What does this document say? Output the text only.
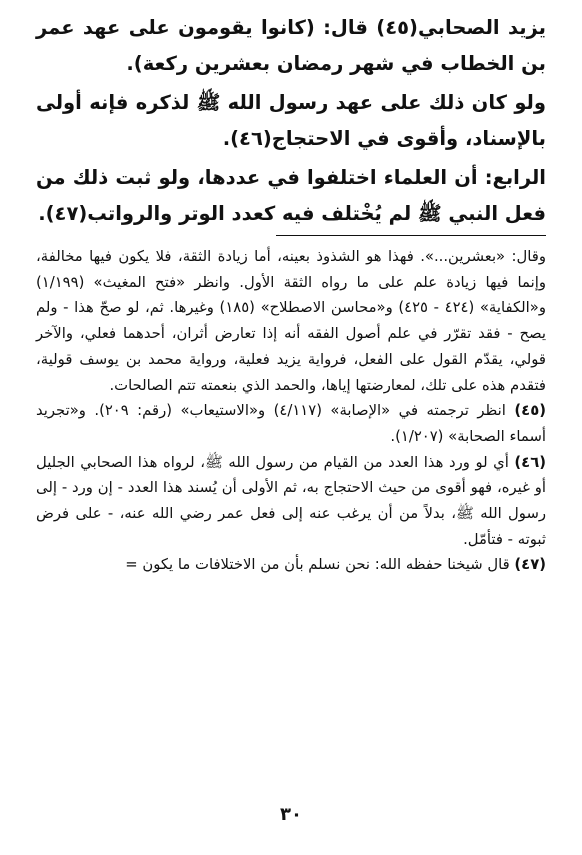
يزيد الصحابي(٤٥) قال: (كانوا يقومون على عهد عمر بن الخطاب في شهر رمضان بعشرين ركعة).

ولو كان ذلك على عهد رسول الله ﷺ لذكره فإنه أولى بالإسناد، وأقوى في الاحتجاج(٤٦).

الرابع: أن العلماء اختلفوا في عددها، ولو ثبت ذلك من فعل النبي ﷺ لم يُخْتلف فيه كعدد الوتر والرواتب(٤٧).

وقال: «بعشرين...». فهذا هو الشذوذ بعينه، أما زيادة الثقة، فلا يكون فيها مخالفة، وإنما فيها زيادة علم على ما رواه الثقة الأول. وانظر «فتح المغيث» (١/١٩٩) و«الكفاية» (٤٢٤ - ٤٢٥) و«محاسن الاصطلاح» (١٨٥) وغيرها. ثم، لو صحّ هذا - ولم يصح - فقد تقرّر في علم أصول الفقه أنه إذا تعارض أثران، أحدهما فعلي، والآخر قولي، يقدّم القول على الفعل، فرواية يزيد فعلية، ورواية محمد بن يوسف قولية، فتقدم هذه على تلك، لمعارضتها إياها، والحمد الذي بنعمته تتم الصالحات.

(٤٥) انظر ترجمته في «الإصابة» (٤/١١٧) و«الاستيعاب» (رقم: ٢٠٩). و«تجريد أسماء الصحابة» (١/٢٠٧).

(٤٦) أي لو ورد هذا العدد من القيام من رسول الله ﷺ، لرواه هذا الصحابي الجليل أو غيره، فهو أقوى من حيث الاحتجاج به، ثم الأولى أن يُسند هذا العدد - إن ورد - إلى رسول الله ﷺ، بدلاً من أن يرغب عنه إلى فعل عمر رضي الله عنه، - على فرض ثبوته - فتأمّل.

(٤٧) قال شيخنا حفظه الله: نحن نسلم بأن من الاختلافات ما يكون =

٣٠
